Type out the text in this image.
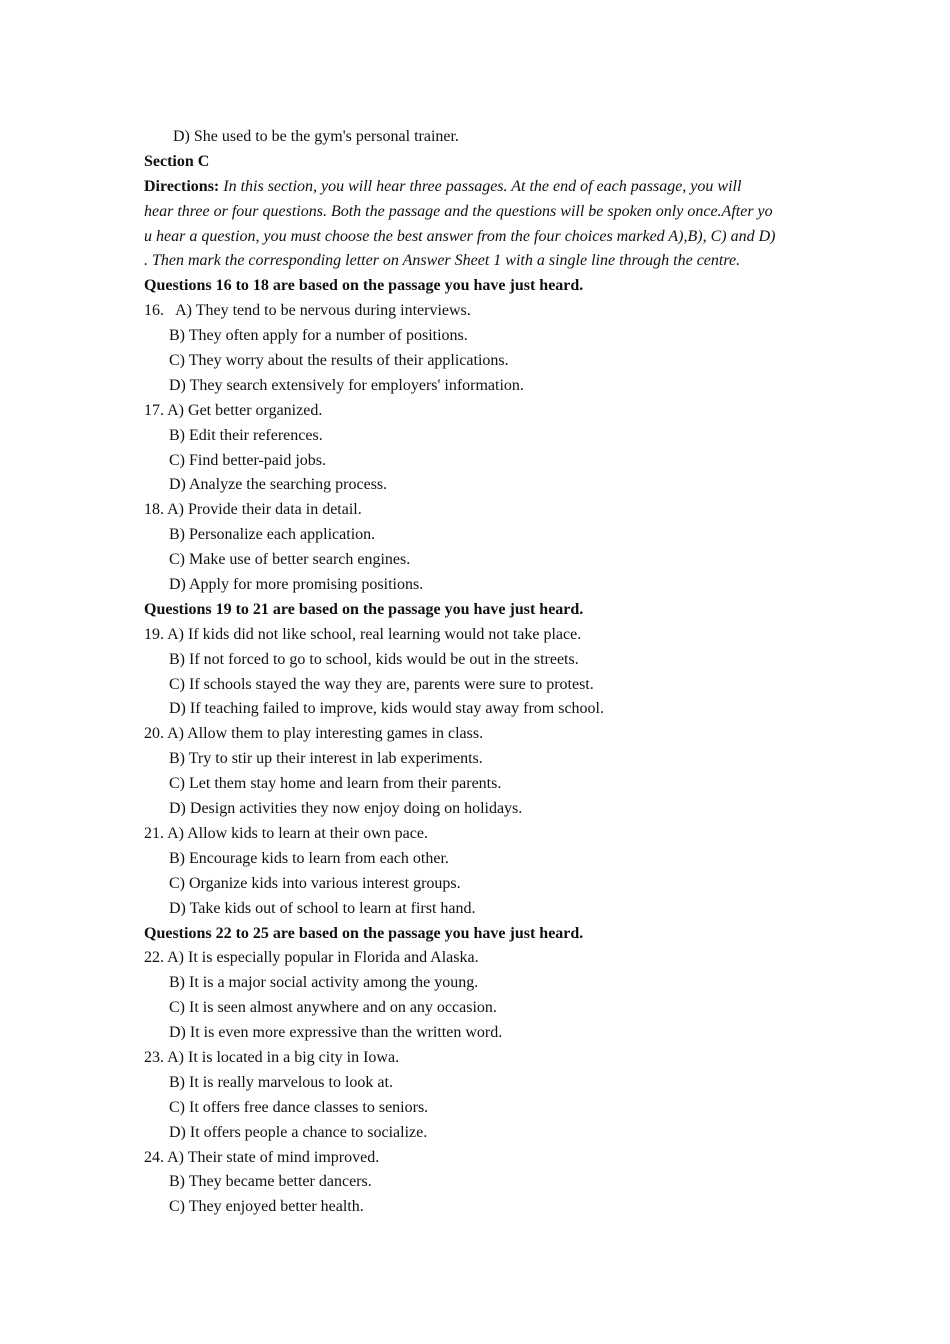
D) She used to be the gym's personal trainer.
Section C
Directions: In this section, you will hear three passages. At the end of each passage, you will
hear three or four questions. Both the passage and the questions will be spoken only once.After yo
u hear a question, you must choose the best answer from the four choices marked A),B), C) and D)
. Then mark the corresponding letter on Answer Sheet 1 with a single line through the centre.
Questions 16 to 18 are based on the passage you have just heard.
16. A) They tend to be nervous during interviews.
B) They often apply for a number of positions.
C) They worry about the results of their applications.
D) They search extensively for employers' information.
17. A) Get better organized.
B) Edit their references.
C) Find better-paid jobs.
D) Analyze the searching process.
18. A) Provide their data in detail.
B) Personalize each application.
C) Make use of better search engines.
D) Apply for more promising positions.
Questions 19 to 21 are based on the passage you have just heard.
19. A) If kids did not like school, real learning would not take place.
B) If not forced to go to school, kids would be out in the streets.
C) If schools stayed the way they are, parents were sure to protest.
D) If teaching failed to improve, kids would stay away from school.
20. A) Allow them to play interesting games in class.
B) Try to stir up their interest in lab experiments.
C) Let them stay home and learn from their parents.
D) Design activities they now enjoy doing on holidays.
21. A) Allow kids to learn at their own pace.
B) Encourage kids to learn from each other.
C) Organize kids into various interest groups.
D) Take kids out of school to learn at first hand.
Questions 22 to 25 are based on the passage you have just heard.
22. A) It is especially popular in Florida and Alaska.
B) It is a major social activity among the young.
C) It is seen almost anywhere and on any occasion.
D) It is even more expressive than the written word.
23. A) It is located in a big city in Iowa.
B) It is really marvelous to look at.
C) It offers free dance classes to seniors.
D) It offers people a chance to socialize.
24. A) Their state of mind improved.
B) They became better dancers.
C) They enjoyed better health.
